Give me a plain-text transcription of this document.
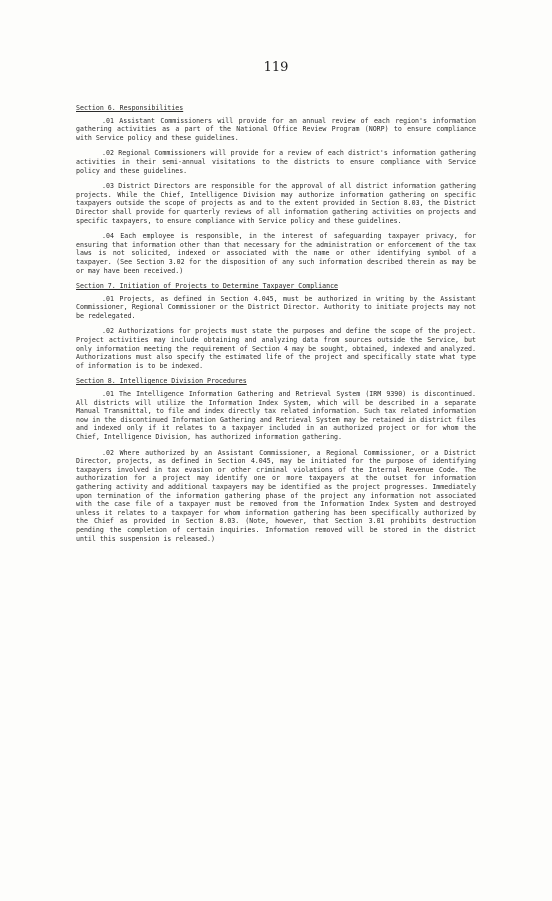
119
Section 6. Responsibilities

.01 Assistant Commissioners will provide for an annual review of each region's information gathering activities as a part of the National Office Review Program (NORP) to ensure compliance with Service policy and these guidelines.

.02 Regional Commissioners will provide for a review of each district's information gathering activities in their semi-annual visitations to the districts to ensure compliance with Service policy and these guidelines.

.03 District Directors are responsible for the approval of all district information gathering projects. While the Chief, Intelligence Division may authorize information gathering on specific taxpayers outside the scope of projects as and to the extent provided in Section 8.03, the District Director shall provide for quarterly reviews of all information gathering activities on projects and specific taxpayers, to ensure compliance with Service policy and these guidelines.

.04 Each employee is responsible, in the interest of safeguarding taxpayer privacy, for ensuring that information other than that necessary for the administration or enforcement of the tax laws is not solicited, indexed or associated with the name or other identifying symbol of a taxpayer. (See Section 3.02 for the disposition of any such information described therein as may be or may have been received.)

Section 7. Initiation of Projects to Determine Taxpayer Compliance

.01 Projects, as defined in Section 4.045, must be authorized in writing by the Assistant Commissioner, Regional Commissioner or the District Director. Authority to initiate projects may not be redelegated.

.02 Authorizations for projects must state the purposes and define the scope of the project. Project activities may include obtaining and analyzing data from sources outside the Service, but only information meeting the requirement of Section 4 may be sought, obtained, indexed and analyzed. Authorizations must also specify the estimated life of the project and specifically state what type of information is to be indexed.

Section 8. Intelligence Division Procedures

.01 The Intelligence Information Gathering and Retrieval System (IRM 9390) is discontinued. All districts will utilize the Information Index System, which will be described in a separate Manual Transmittal, to file and index directly tax related information. Such tax related information now in the discontinued Information Gathering and Retrieval System may be retained in district files and indexed only if it relates to a taxpayer included in an authorized project or for whom the Chief, Intelligence Division, has authorized information gathering.

.02 Where authorized by an Assistant Commissioner, a Regional Commissioner, or a District Director, projects, as defined in Section 4.045, may be initiated for the purpose of identifying taxpayers involved in tax evasion or other criminal violations of the Internal Revenue Code. The authorization for a project may identify one or more taxpayers at the outset for information gathering activity and additional taxpayers may be identified as the project progresses. Immediately upon termination of the information gathering phase of the project any information not associated with the case file of a taxpayer must be removed from the Information Index System and destroyed unless it relates to a taxpayer for whom information gathering has been specifically authorized by the Chief as provided in Section 8.03. (Note, however, that Section 3.01 prohibits destruction pending the completion of certain inquiries. Information removed will be stored in the district until this suspension is released.)
